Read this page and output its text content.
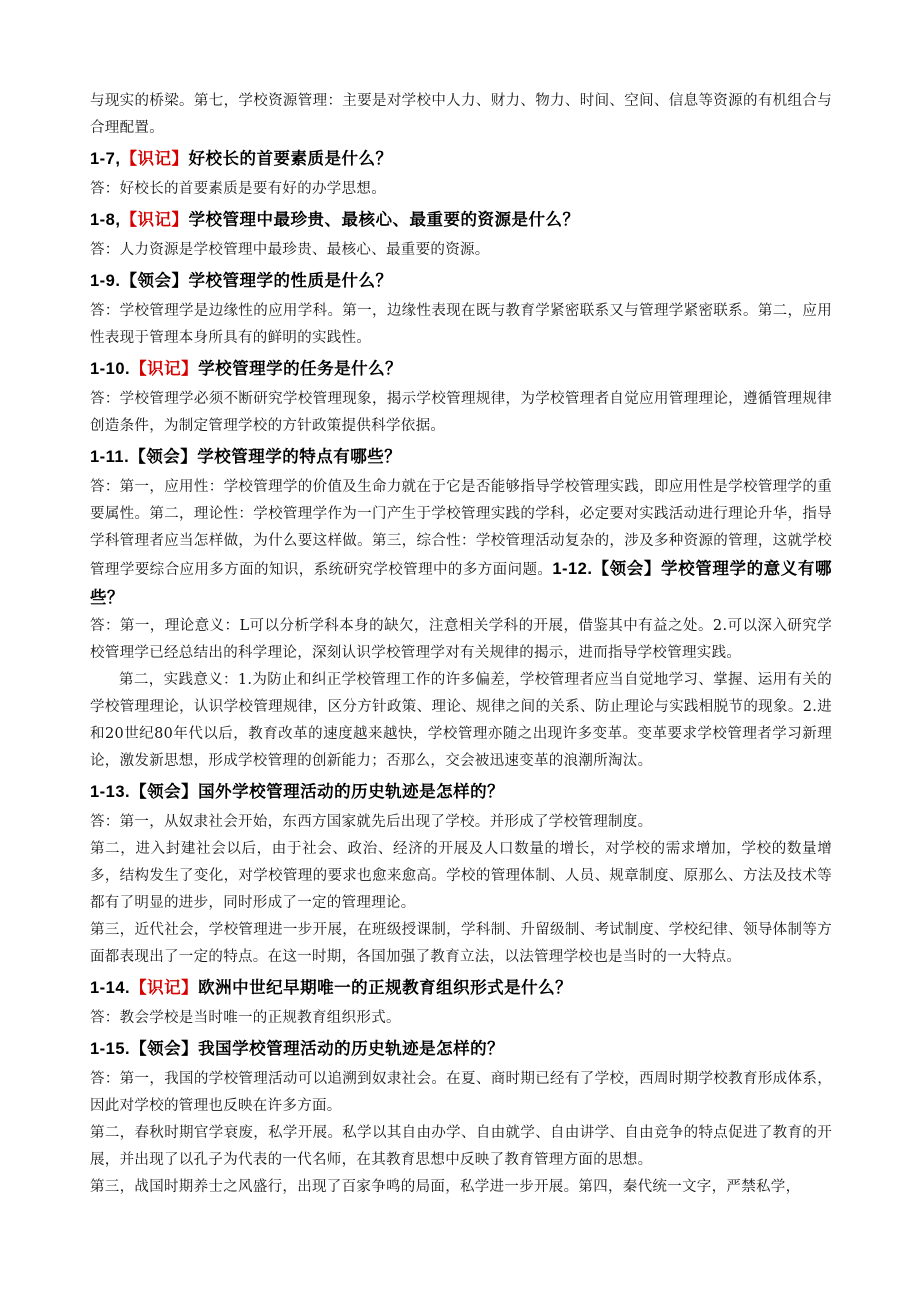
与现实的桥梁。第七，学校资源管理：主要是对学校中人力、财力、物力、时间、空间、信息等资源的有机组合与合理配置。

1-7,【识记】好校长的首要素质是什么？

答：好校长的首要素质是要有好的办学思想。

1-8,【识记】学校管理中最珍贵、最核心、最重要的资源是什么？

答：人力资源是学校管理中最珍贵、最核心、最重要的资源。

1-9.【领会】学校管理学的性质是什么？

答：学校管理学是边缘性的应用学科。第一，边缘性表现在既与教育学紧密联系又与管理学紧密联系。第二，应用性表现于管理本身所具有的鲜明的实践性。

1-10.【识记】学校管理学的任务是什么？

答：学校管理学必须不断研究学校管理现象，揭示学校管理规律，为学校管理者自觉应用管理理论，遵循管理规律创造条件，为制定管理学校的方针政策提供科学依据。

1-11.【领会】学校管理学的特点有哪些？

答：第一，应用性：学校管理学的价值及生命力就在于它是否能够指导学校管理实践，即应用性是学校管理学的重要属性。第二，理论性：学校管理学作为一门产生于学校管理实践的学科，必定要对实践活动进行理论升华，指导学科管理者应当怎样做，为什么要这样做。第三，综合性：学校管理活动复杂的，涉及多种资源的管理，这就学校管理学要综合应用多方面的知识，系统研究学校管理中的多方面问题。1-12.【领会】学校管理学的意义有哪些？

答：第一，理论意义：L可以分析学科本身的缺欠，注意相关学科的开展，借鉴其中有益之处。2.可以深入研究学校管理学已经总结出的科学理论，深刻认识学校管理学对有关规律的揭示，进而指导学校管理实践。

第二，实践意义：1.为防止和纠正学校管理工作的许多偏差，学校管理者应当自觉地学习、掌握、运用有关的学校管理理论，认识学校管理规律，区分方针政策、理论、规律之间的关系、防止理论与实践相脱节的现象。2.进和20世纪80年代以后，教育改革的速度越来越快，学校管理亦随之出现许多变革。变革要求学校管理者学习新理论，激发新思想，形成学校管理的创新能力；否那么，交会被迅速变革的浪潮所淘汰。

1-13.【领会】国外学校管理活动的历史轨迹是怎样的？

答：第一，从奴隶社会开始，东西方国家就先后出现了学校。并形成了学校管理制度。

第二，进入封建社会以后，由于社会、政治、经济的开展及人口数量的增长，对学校的需求增加，学校的数量增多，结构发生了变化，对学校管理的要求也愈来愈高。学校的管理体制、人员、规章制度、原那么、方法及技术等都有了明显的进步，同时形成了一定的管理理论。

第三，近代社会，学校管理进一步开展，在班级授课制，学科制、升留级制、考试制度、学校纪律、领导体制等方面都表现出了一定的特点。在这一时期，各国加强了教育立法，以法管理学校也是当时的一大特点。

1-14.【识记】欧洲中世纪早期唯一的正规教育组织形式是什么？

答：教会学校是当时唯一的正规教育组织形式。

1-15.【领会】我国学校管理活动的历史轨迹是怎样的？

答：第一，我国的学校管理活动可以追溯到奴隶社会。在夏、商时期已经有了学校，西周时期学校教育形成体系，因此对学校的管理也反映在许多方面。

第二，春秋时期官学衰废，私学开展。私学以其自由办学、自由就学、自由讲学、自由竞争的特点促进了教育的开展，并出现了以孔子为代表的一代名师，在其教育思想中反映了教育管理方面的思想。

第三，战国时期养士之风盛行，出现了百家争鸣的局面，私学进一步开展。第四，秦代统一文字，严禁私学，
